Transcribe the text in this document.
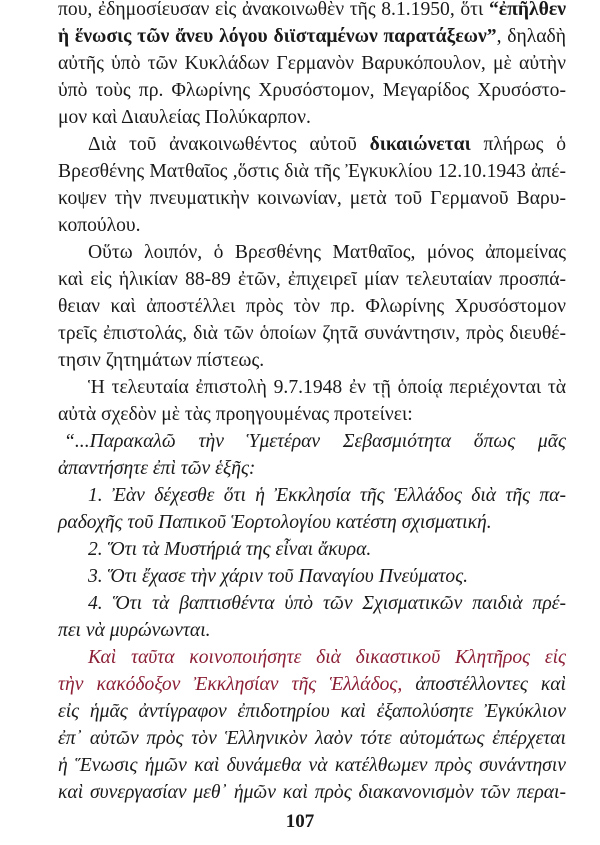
που, ἐδημοσίευσαν εἰς ἀνακοινωθὲν τῆς 8.1.1950, ὅτι “ἐπῆλθεν

ἡ ἕνωσις τῶν ἄνευ λόγου διϊσταμένων παρατάξεων”, δηλαδὴ

αὐτῆς ὑπὸ τῶν Κυκλάδων Γερμανὸν Βαρυκόπουλον, μὲ αὐτὴν

ὑπὸ τοὺς πρ. Φλωρίνης Χρυσόστομον, Μεγαρίδος Χρυσόστο-

μον καὶ Διαυλείας Πολύκαρπον.

Διὰ τοῦ ἀνακοινωθέντος αὐτοῦ δικαιώνεται πλήρως ὁ

Βρεσθένης Ματθαῖος ,ὅστις διὰ τῆς Ἐγκυκλίου 12.10.1943 ἀπέ-

κοψεν τὴν πνευματικὴν κοινωνίαν, μετὰ τοῦ Γερμανοῦ Βαρυ-

κοπούλου.

Οὕτω λοιπόν, ὁ Βρεσθένης Ματθαῖος, μόνος ἀπομείνας

καὶ εἰς ἡλικίαν 88-89 ἐτῶν, ἐπιχειρεῖ μίαν τελευταίαν προσπά-

θειαν καὶ ἀποστέλλει πρὸς τὸν πρ. Φλωρίνης Χρυσόστομον

τρεῖς ἐπιστολάς, διὰ τῶν ὁποίων ζητᾶ συνάντησιν, πρὸς διευθέ-

τησιν ζητημάτων πίστεως.

Ἡ τελευταία ἐπιστολὴ 9.7.1948 ἐν τῇ ὁποίᾳ περιέχονται τὰ

αὐτὰ σχεδὸν μὲ τὰς προηγουμένας προτείνει:

“...Παρακαλῶ τὴν Ὑμετέραν Σεβασμιότητα ὅπως μᾶς

ἀπαντήσητε ἐπὶ τῶν ἑξῆς:

1. Ἐὰν δέχεσθε ὅτι ἡ Ἐκκλησία τῆς Ἑλλάδος διὰ τῆς πα-

ραδοχῆς τοῦ Παπικοῦ Ἑορτολογίου κατέστη σχισματική.

2. Ὅτι τὰ Μυστήριά της εἶναι ἄκυρα.

3. Ὅτι ἔχασε τὴν χάριν τοῦ Παναγίου Πνεύματος.

4. Ὅτι τὰ βαπτισθέντα ὑπὸ τῶν Σχισματικῶν παιδιὰ πρέ-

πει νὰ μυρώνωνται.

Καὶ ταῦτα κοινοποιήσητε διὰ δικαστικοῦ Κλητῆρος εἰς

τὴν κακόδοξον Ἐκκλησίαν τῆς Ἑλλάδος, ἀποστέλλοντες καὶ

εἰς ἡμᾶς ἀντίγραφον ἐπιδοτηρίου καὶ ἐξαπολύσητε Ἐγκύκλιον

ἐπ᾿ αὐτῶν πρὸς τὸν Ἑλληνικὸν λαὸν τότε αὐτομάτως ἐπέρχεται

ἡ Ἕνωσις ἡμῶν καὶ δυνάμεθα νὰ κατέλθωμεν πρὸς συνάντησιν

καὶ συνεργασίαν μεθ᾿ ἡμῶν καὶ πρὸς διακανονισμὸν τῶν περαι-

107
